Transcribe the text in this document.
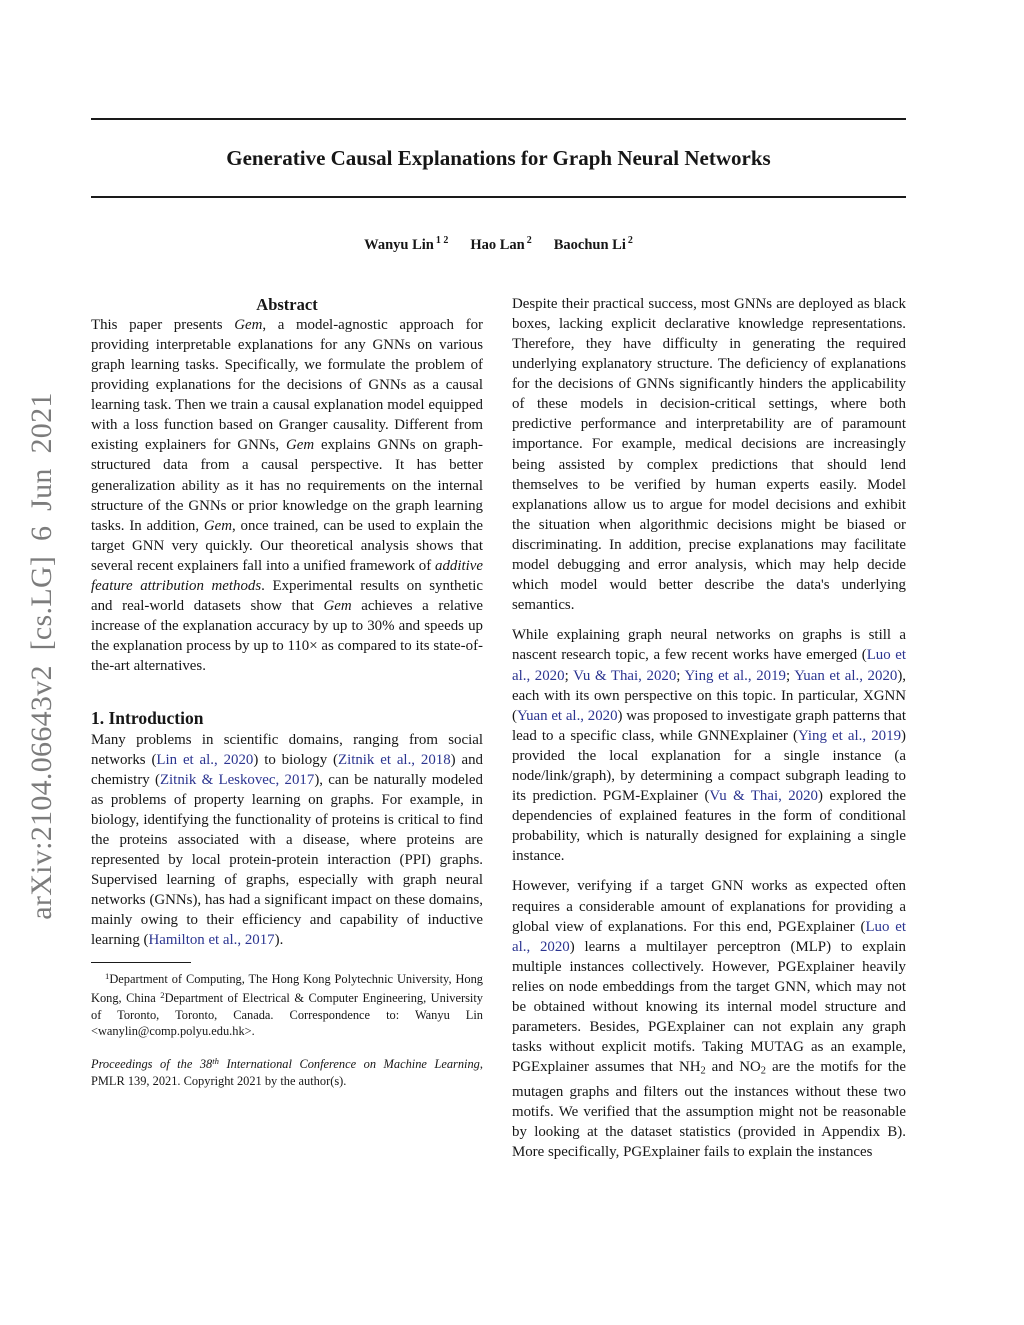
arXiv:2104.06643v2 [cs.LG] 6 Jun 2021
Generative Causal Explanations for Graph Neural Networks
Wanyu Lin $^{1 2}$ Hao Lan $^2$ Baochun Li $^2$
Abstract

This paper presents Gem, a model-agnostic approach for providing interpretable explanations for any GNNs on various graph learning tasks. Specifically, we formulate the problem of providing explanations for the decisions of GNNs as a causal learning task. Then we train a causal explanation model equipped with a loss function based on Granger causality. Different from existing explainers for GNNs, Gem explains GNNs on graph-structured data from a causal perspective. It has better generalization ability as it has no requirements on the internal structure of the GNNs or prior knowledge on the graph learning tasks. In addition, Gem, once trained, can be used to explain the target GNN very quickly. Our theoretical analysis shows that several recent explainers fall into a unified framework of additive feature attribution methods. Experimental results on synthetic and real-world datasets show that Gem achieves a relative increase of the explanation accuracy by up to 30% and speeds up the explanation process by up to 110× as compared to its state-of-the-art alternatives.

1. Introduction

Many problems in scientific domains, ranging from social networks (Lin et al., 2020) to biology (Zitnik et al., 2018) and chemistry (Zitnik & Leskovec, 2017), can be naturally modeled as problems of property learning on graphs. For example, in biology, identifying the functionality of proteins is critical to find the proteins associated with a disease, where proteins are represented by local protein-protein interaction (PPI) graphs. Supervised learning of graphs, especially with graph neural networks (GNNs), has had a significant impact on these domains, mainly owing to their efficiency and capability of inductive learning (Hamilton et al., 2017).

$^1$Department of Computing, The Hong Kong Polytechnic University, Hong Kong, China $^2$Department of Electrical & Computer Engineering, University of Toronto, Toronto, Canada. Correspondence to: Wanyu Lin <wanylin@comp.polyu.edu.hk>.

Proceedings of the 38th International Conference on Machine Learning, PMLR 139, 2021. Copyright 2021 by the author(s).

Despite their practical success, most GNNs are deployed as black boxes, lacking explicit declarative knowledge representations. Therefore, they have difficulty in generating the required underlying explanatory structure. The deficiency of explanations for the decisions of GNNs significantly hinders the applicability of these models in decision-critical settings, where both predictive performance and interpretability are of paramount importance. For example, medical decisions are increasingly being assisted by complex predictions that should lend themselves to be verified by human experts easily. Model explanations allow us to argue for model decisions and exhibit the situation when algorithmic decisions might be biased or discriminating. In addition, precise explanations may facilitate model debugging and error analysis, which may help decide which model would better describe the data's underlying semantics.

While explaining graph neural networks on graphs is still a nascent research topic, a few recent works have emerged (Luo et al., 2020; Vu & Thai, 2020; Ying et al., 2019; Yuan et al., 2020), each with its own perspective on this topic. In particular, XGNN (Yuan et al., 2020) was proposed to investigate graph patterns that lead to a specific class, while GNNExplainer (Ying et al., 2019) provided the local explanation for a single instance (a node/link/graph), by determining a compact subgraph leading to its prediction. PGM-Explainer (Vu & Thai, 2020) explored the dependencies of explained features in the form of conditional probability, which is naturally designed for explaining a single instance.

However, verifying if a target GNN works as expected often requires a considerable amount of explanations for providing a global view of explanations. For this end, PGExplainer (Luo et al., 2020) learns a multilayer perceptron (MLP) to explain multiple instances collectively. However, PGExplainer heavily relies on node embeddings from the target GNN, which may not be obtained without knowing its internal model structure and parameters. Besides, PGExplainer can not explain any graph tasks without explicit motifs. Taking MUTAG as an example, PGExplainer assumes that NH2 and NO2 are the motifs for the mutagen graphs and filters out the instances without these two motifs. We verified that the assumption might not be reasonable by looking at the dataset statistics (provided in Appendix B). More specifically, PGExplainer fails to explain the instances
